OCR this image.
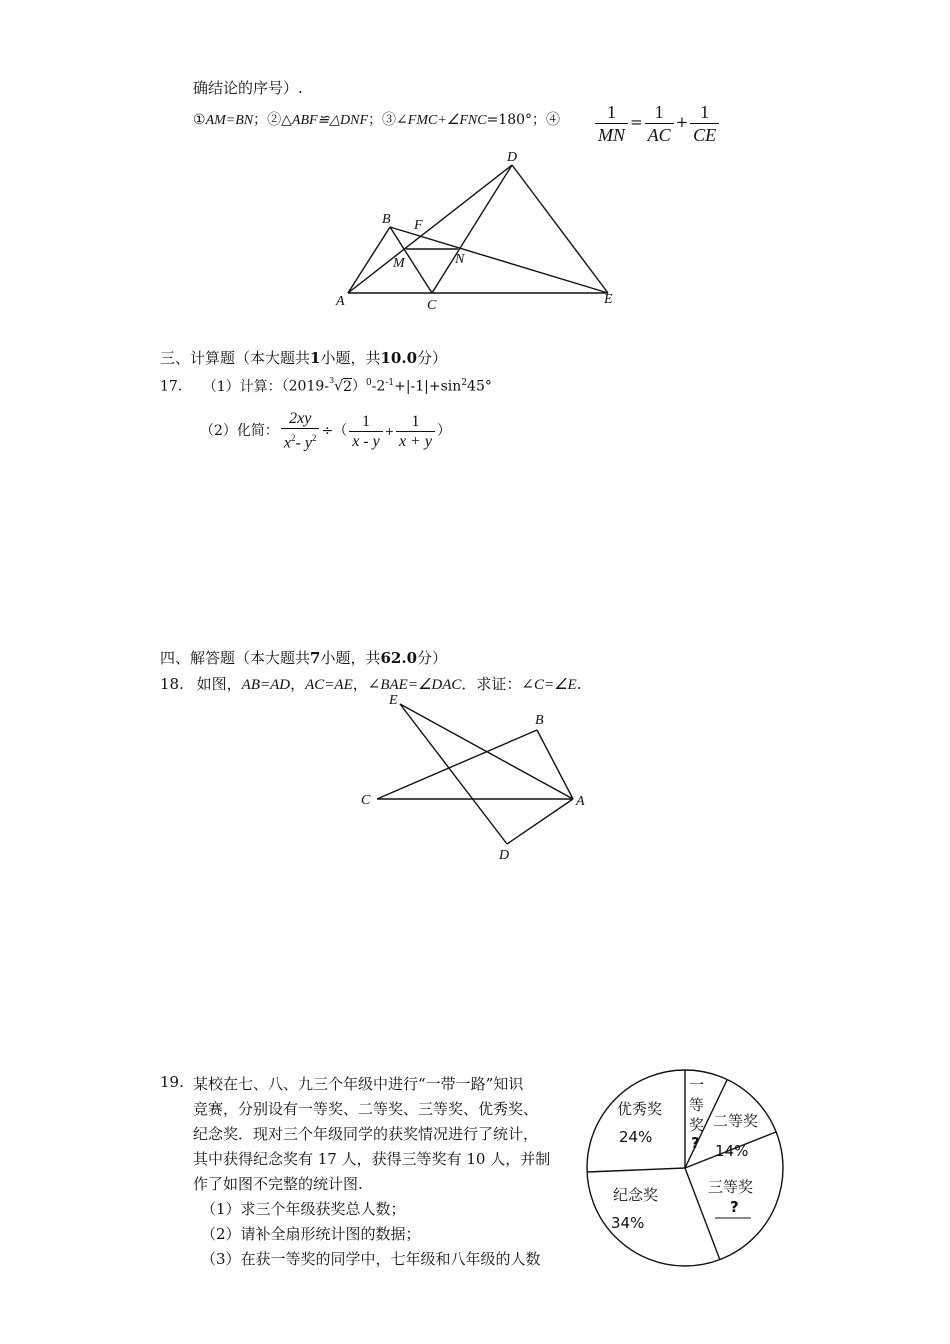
确结论的序号）.
①AM=BN；②△ABF≌△DNF；③∠FMC+∠FNC=180°；④ $\frac{1}{MN} = \frac{1}{AC} + \frac{1}{CE}$
D
B F
M	N
A	C	E
三、计算题（本大题共1小题，共10.0分）
17. （1）计算：$(2019-^3√2)^0-2^{-1}+|-1|+\sin^245^\circ$
（2）化简： $\frac{2xy}{x^2- y^2}$ ÷（ $\frac{1}{x - y} + \frac{1}{x + y}$ ）
四、解答题（本大题共7小题，共62.0分）
18. 如图，AB=AD，AC=AE，∠BAE=∠DAC．求证：∠C=∠E.
E
B
C	A
D
19. 某校在七、八、九三个年级中进行“一带一路”知识
竞赛，分别设有一等奖、二等奖、三等奖、优秀奖、
纪念奖．现对三个年级同学的获奖情况进行了统计，
其中获得纪念奖有 17 人，获得三等奖有 10 人，并制
作了如图不完整的统计图.
（1）求三个年级获奖总人数；
（2）请补全扇形统计图的数据；
（3）在获一等奖的同学中，七年级和八年级的人数
优秀奖
24%
一
等
奖
?
二等奖
14%
三等奖
?
纪念奖
34%
